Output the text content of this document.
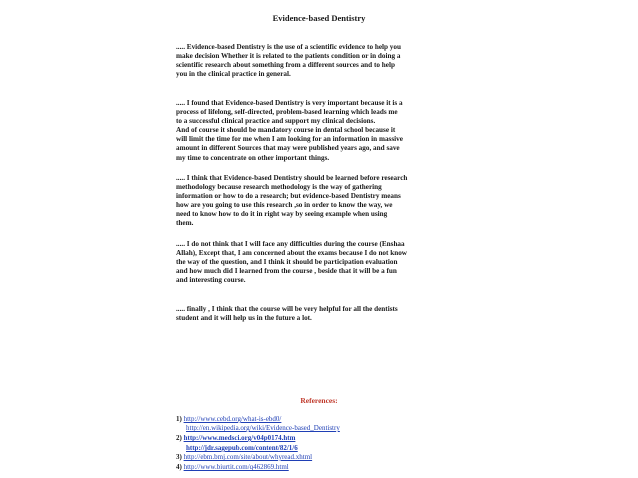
Evidence-based Dentistry
..... Evidence-based Dentistry is the use of a scientific evidence to help you
make decision Whether it is related to the patients condition or in doing a
scientific research about something from a different sources and to help
you in the clinical practice in general.
..... I found that Evidence-based Dentistry is very important because it is a
process of lifelong, self-directed, problem-based learning which leads me
to a successful clinical practice and support my clinical decisions.
And of course it should be mandatory course in dental school because it
will limit the time for me when I am looking for an information in massive
amount in different Sources that may were published years ago, and save
my time to concentrate on other important things.
..... I think that Evidence-based Dentistry should be learned before research
methodology because research methodology is the way of gathering
information or how to do a research; but evidence-based Dentistry means
how are you going to use this research ,so in order to know the way, we
need to know how to do it in right way by seeing example when using
them.
..... I do not think that I will face any difficulties during the course (Enshaa
Allah), Except that, I am concerned about the exams because I do not know
the way of the question, and I think it should be participation evaluation
and how much did I learned from the course , beside that it will be a fun
and interesting course.
..... finally , I think that the course will be very helpful for all the dentists
student and it will help us in the future a lot.
References:
1) http://www.cebd.org/what-is-ebd0/
http://en.wikipedia.org/wiki/Evidence-based_Dentistry
2) http://www.medsci.org/v04p0174.htm
http://jdr.sagepub.com/content/82/1/6
3) http://ebm.bmj.com/site/about/whyread.xhtml
4) http://www.biurtit.com/q462869.html
